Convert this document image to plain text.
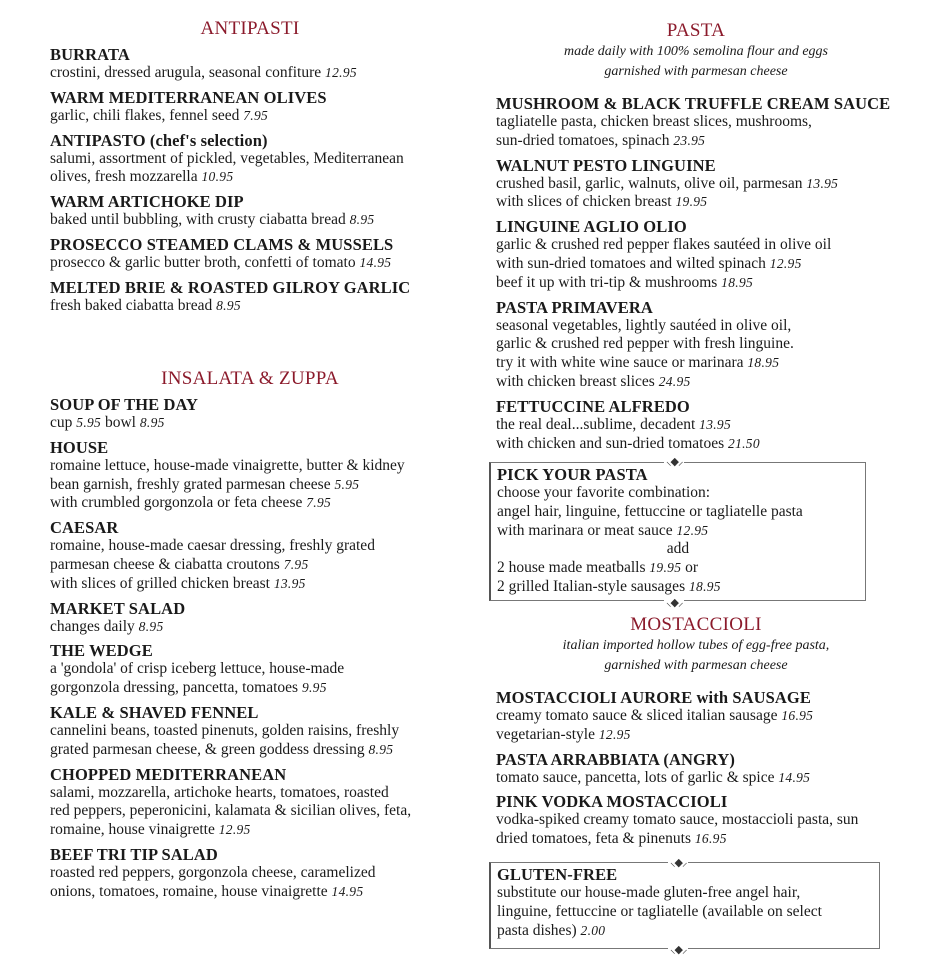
ANTIPASTI
BURRATA
crostini, dressed arugula, seasonal confiture 12.95
WARM MEDITERRANEAN OLIVES
garlic, chili flakes, fennel seed 7.95
ANTIPASTO (chef's selection)
salumi, assortment of pickled, vegetables, Mediterranean
olives, fresh mozzarella 10.95
WARM ARTICHOKE DIP
baked until bubbling, with crusty ciabatta bread 8.95
PROSECCO STEAMED CLAMS & MUSSELS
prosecco & garlic butter broth, confetti of tomato 14.95
MELTED BRIE & ROASTED GILROY GARLIC
fresh baked ciabatta bread 8.95
INSALATA & ZUPPA
SOUP OF THE DAY
cup 5.95 bowl 8.95
HOUSE
romaine lettuce, house-made vinaigrette, butter & kidney
bean garnish, freshly grated parmesan cheese 5.95
with crumbled gorgonzola or feta cheese 7.95
CAESAR
romaine, house-made caesar dressing, freshly grated
parmesan cheese & ciabatta croutons 7.95
with slices of grilled chicken breast 13.95
MARKET SALAD
changes daily 8.95
THE WEDGE
a 'gondola' of crisp iceberg lettuce, house-made
gorgonzola dressing, pancetta, tomatoes 9.95
KALE & SHAVED FENNEL
cannelini beans, toasted pinenuts, golden raisins, freshly
grated parmesan cheese, & green goddess dressing 8.95
CHOPPED MEDITERRANEAN
salami, mozzarella, artichoke hearts, tomatoes, roasted
red peppers, peperonicini, kalamata & sicilian olives, feta,
romaine, house vinaigrette 12.95
BEEF TRI TIP SALAD
roasted red peppers, gorgonzola cheese, caramelized
onions, tomatoes, romaine, house vinaigrette 14.95
PASTA
made daily with 100% semolina flour and eggs
garnished with parmesan cheese
MUSHROOM & BLACK TRUFFLE CREAM SAUCE
tagliatelle pasta, chicken breast slices, mushrooms,
sun-dried tomatoes, spinach 23.95
WALNUT PESTO LINGUINE
crushed basil, garlic, walnuts, olive oil, parmesan 13.95
with slices of chicken breast 19.95
LINGUINE AGLIO OLIO
garlic & crushed red pepper flakes sautéed in olive oil
with sun-dried tomatoes and wilted spinach 12.95
beef it up with tri-tip & mushrooms 18.95
PASTA PRIMAVERA
seasonal vegetables, lightly sautéed in olive oil,
garlic & crushed red pepper with fresh linguine.
try it with white wine sauce or marinara 18.95
with chicken breast slices 24.95
FETTUCCINE ALFREDO
the real deal...sublime, decadent 13.95
with chicken and sun-dried tomatoes 21.50
PICK YOUR PASTA
choose your favorite combination:
angel hair, linguine, fettuccine or tagliatelle pasta
with marinara or meat sauce 12.95
add
2 house made meatballs 19.95 or
2 grilled Italian-style sausages 18.95
MOSTACCIOLI
italian imported hollow tubes of egg-free pasta,
garnished with parmesan cheese
MOSTACCIOLI AURORE with SAUSAGE
creamy tomato sauce & sliced italian sausage 16.95
vegetarian-style 12.95
PASTA ARRABBIATA (ANGRY)
tomato sauce, pancetta, lots of garlic & spice 14.95
PINK VODKA MOSTACCIOLI
vodka-spiked creamy tomato sauce, mostaccioli pasta, sun
dried tomatoes, feta & pinenuts 16.95
GLUTEN-FREE
substitute our house-made gluten-free angel hair,
linguine, fettuccine or tagliatelle (available on select
pasta dishes) 2.00
⸜◆⸝
⸜◆⸝
⸜◆⸝
⸜◆⸝
